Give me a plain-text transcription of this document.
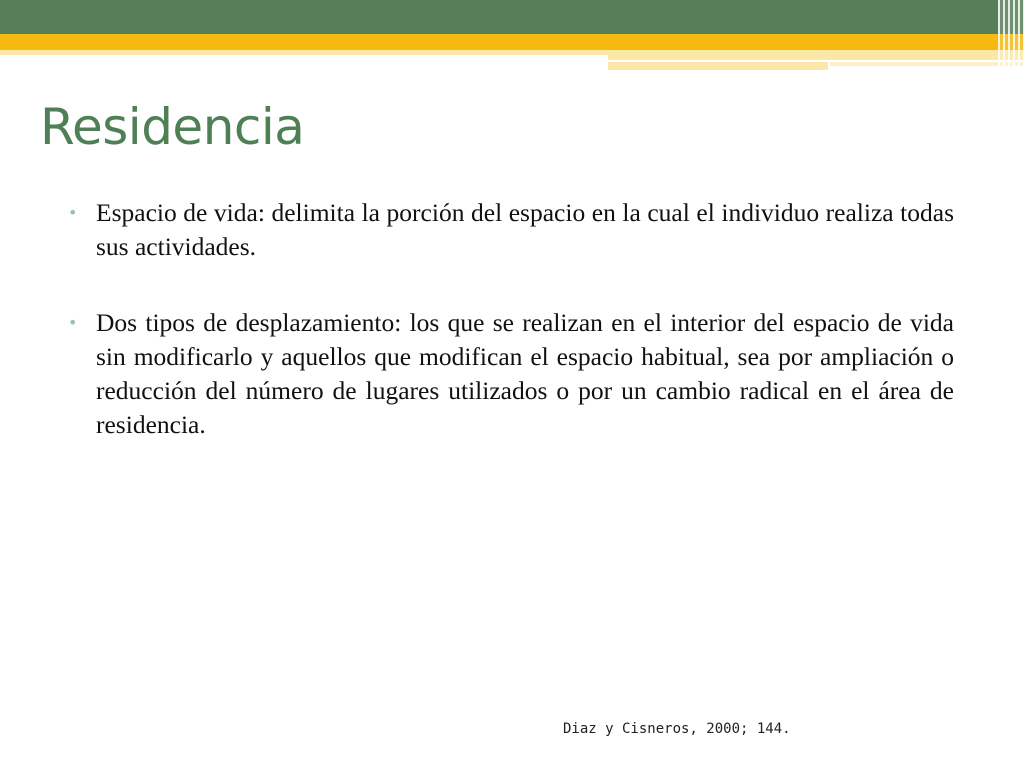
Residencia
• Espacio de vida: delimita la porción del espacio en la cual el individuo realiza todas sus actividades.
• Dos tipos de desplazamiento: los que se realizan en el interior del espacio de vida sin modificarlo y aquellos que modifican el espacio habitual, sea por ampliación o reducción del número de lugares utilizados o por un cambio radical en el área de residencia.
Diaz y Cisneros, 2000; 144.
